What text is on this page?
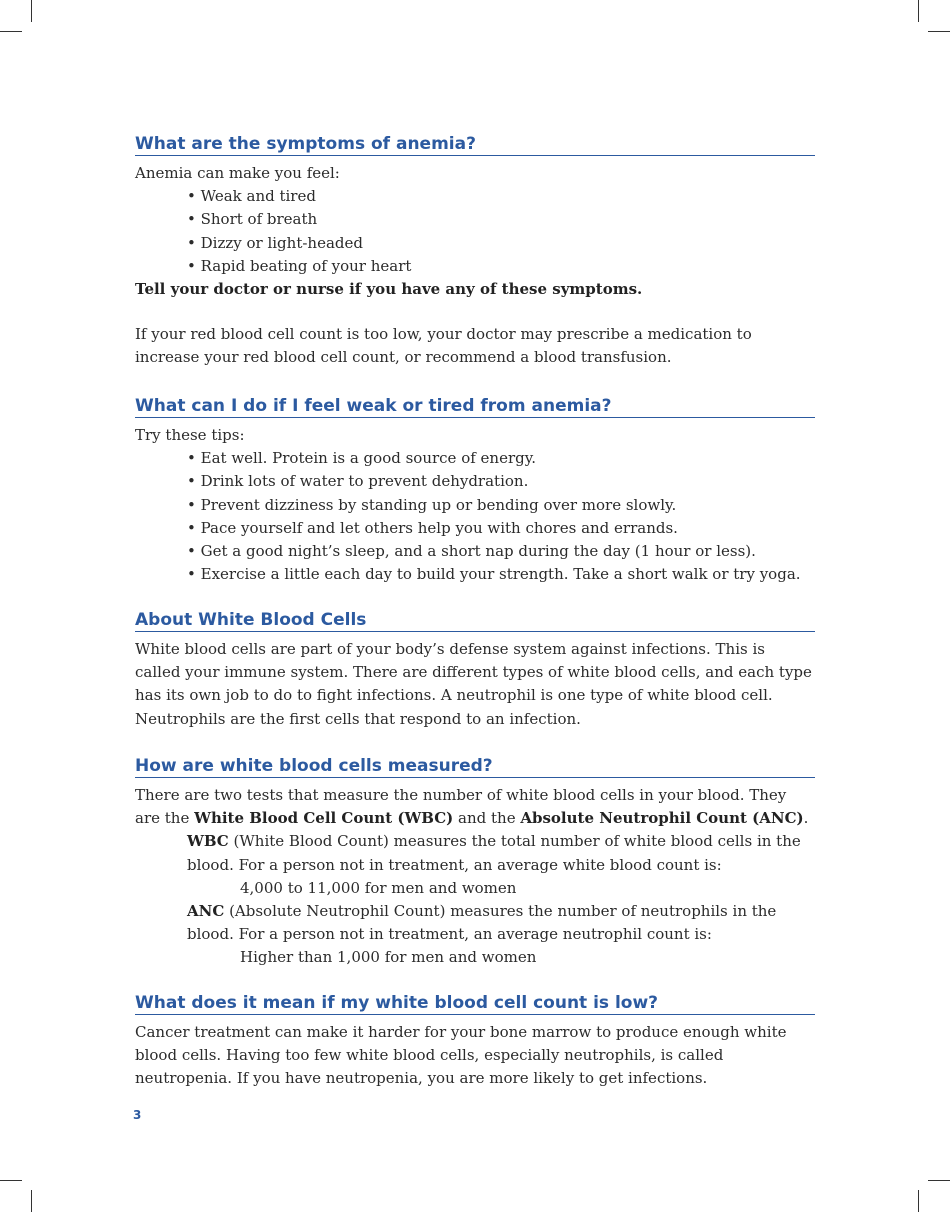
What are the symptoms of anemia?

Anemia can make you feel:

• Weak and tired
• Short of breath
• Dizzy or light-headed
• Rapid beating of your heart

Tell your doctor or nurse if you have any of these symptoms.

If your red blood cell count is too low, your doctor may prescribe a medication to increase your red blood cell count, or recommend a blood transfusion.

What can I do if I feel weak or tired from anemia?

Try these tips:

• Eat well. Protein is a good source of energy.
• Drink lots of water to prevent dehydration.
• Prevent dizziness by standing up or bending over more slowly.
• Pace yourself and let others help you with chores and errands.
• Get a good night’s sleep, and a short nap during the day (1 hour or less).
• Exercise a little each day to build your strength. Take a short walk or try yoga.
About White Blood Cells

White blood cells are part of your body’s defense system against infections. This is called your immune system. There are different types of white blood cells, and each type has its own job to do to fight infections. A neutrophil is one type of white blood cell. Neutrophils are the first cells that respond to an infection.

How are white blood cells measured?

There are two tests that measure the number of white blood cells in your blood. They are the White Blood Cell Count (WBC) and the Absolute Neutrophil Count (ANC).

WBC (White Blood Count) measures the total number of white blood cells in the blood. For a person not in treatment, an average white blood count is:
4,000 to 11,000 for men and women
ANC (Absolute Neutrophil Count) measures the number of neutrophils in the blood. For a person not in treatment, an average neutrophil count is:
Higher than 1,000 for men and women
What does it mean if my white blood cell count is low?

Cancer treatment can make it harder for your bone marrow to produce enough white blood cells. Having too few white blood cells, especially neutrophils, is called neutropenia. If you have neutropenia, you are more likely to get infections.

3
